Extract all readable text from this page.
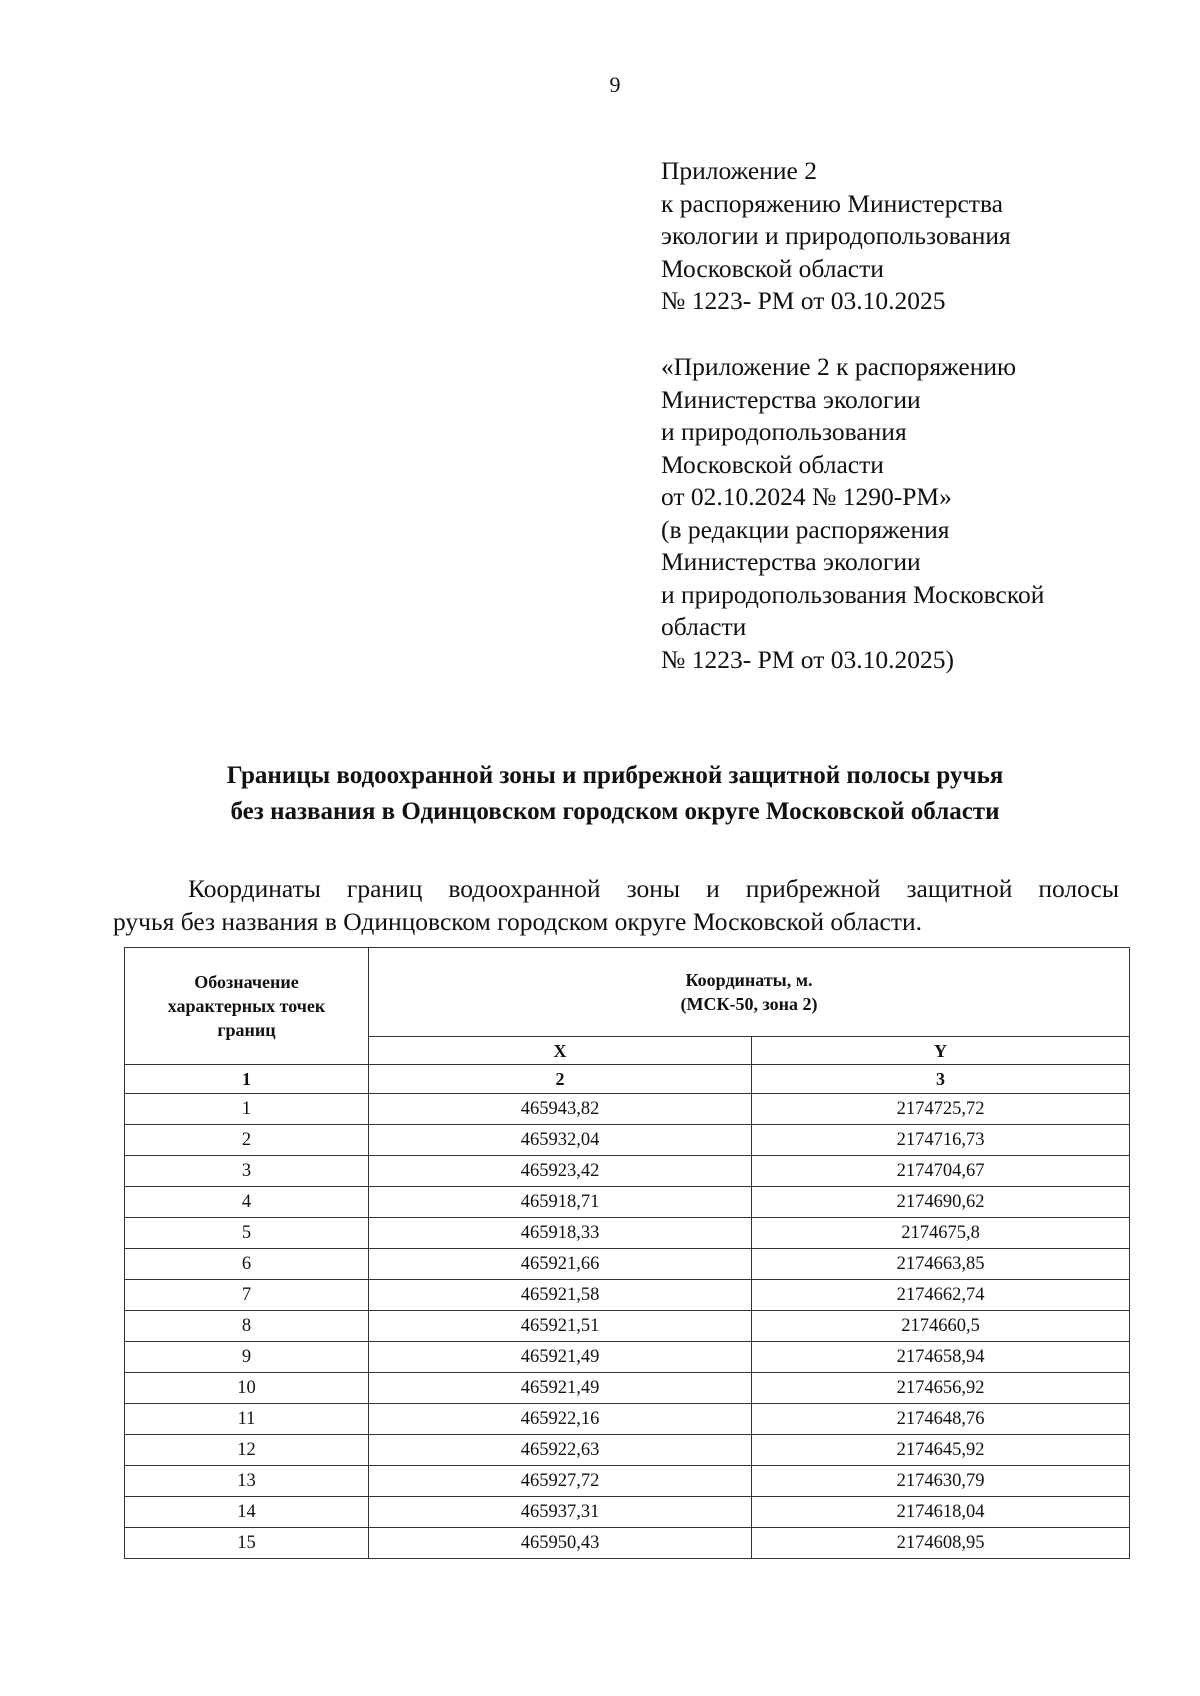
9
Приложение 2
к распоряжению Министерства
экологии и природопользования
Московской области
№ 1223- РМ от 03.10.2025
«Приложение 2 к распоряжению
Министерства экологии
и природопользования
Московской области
от 02.10.2024 № 1290-РМ»
(в редакции распоряжения
Министерства экологии
и природопользования Московской
области
№ 1223- РМ от 03.10.2025)
Границы водоохранной зоны и прибрежной защитной полосы ручья
без названия в Одинцовском городском округе Московской области
Координаты границ водоохранной зоны и прибрежной защитной полосы
ручья без названия в Одинцовском городском округе Московской области.
Обозначение характерных точек границ	Координаты, м.
(МСК-50, зона 2)	

	X	Y
1	2	3
1	465943,82	2174725,72
2	465932,04	2174716,73
3	465923,42	2174704,67
4	465918,71	2174690,62
5	465918,33	2174675,8
6	465921,66	2174663,85
7	465921,58	2174662,74
8	465921,51	2174660,5
9	465921,49	2174658,94
10	465921,49	2174656,92
11	465922,16	2174648,76
12	465922,63	2174645,92
13	465927,72	2174630,79
14	465937,31	2174618,04
15	465950,43	2174608,95
